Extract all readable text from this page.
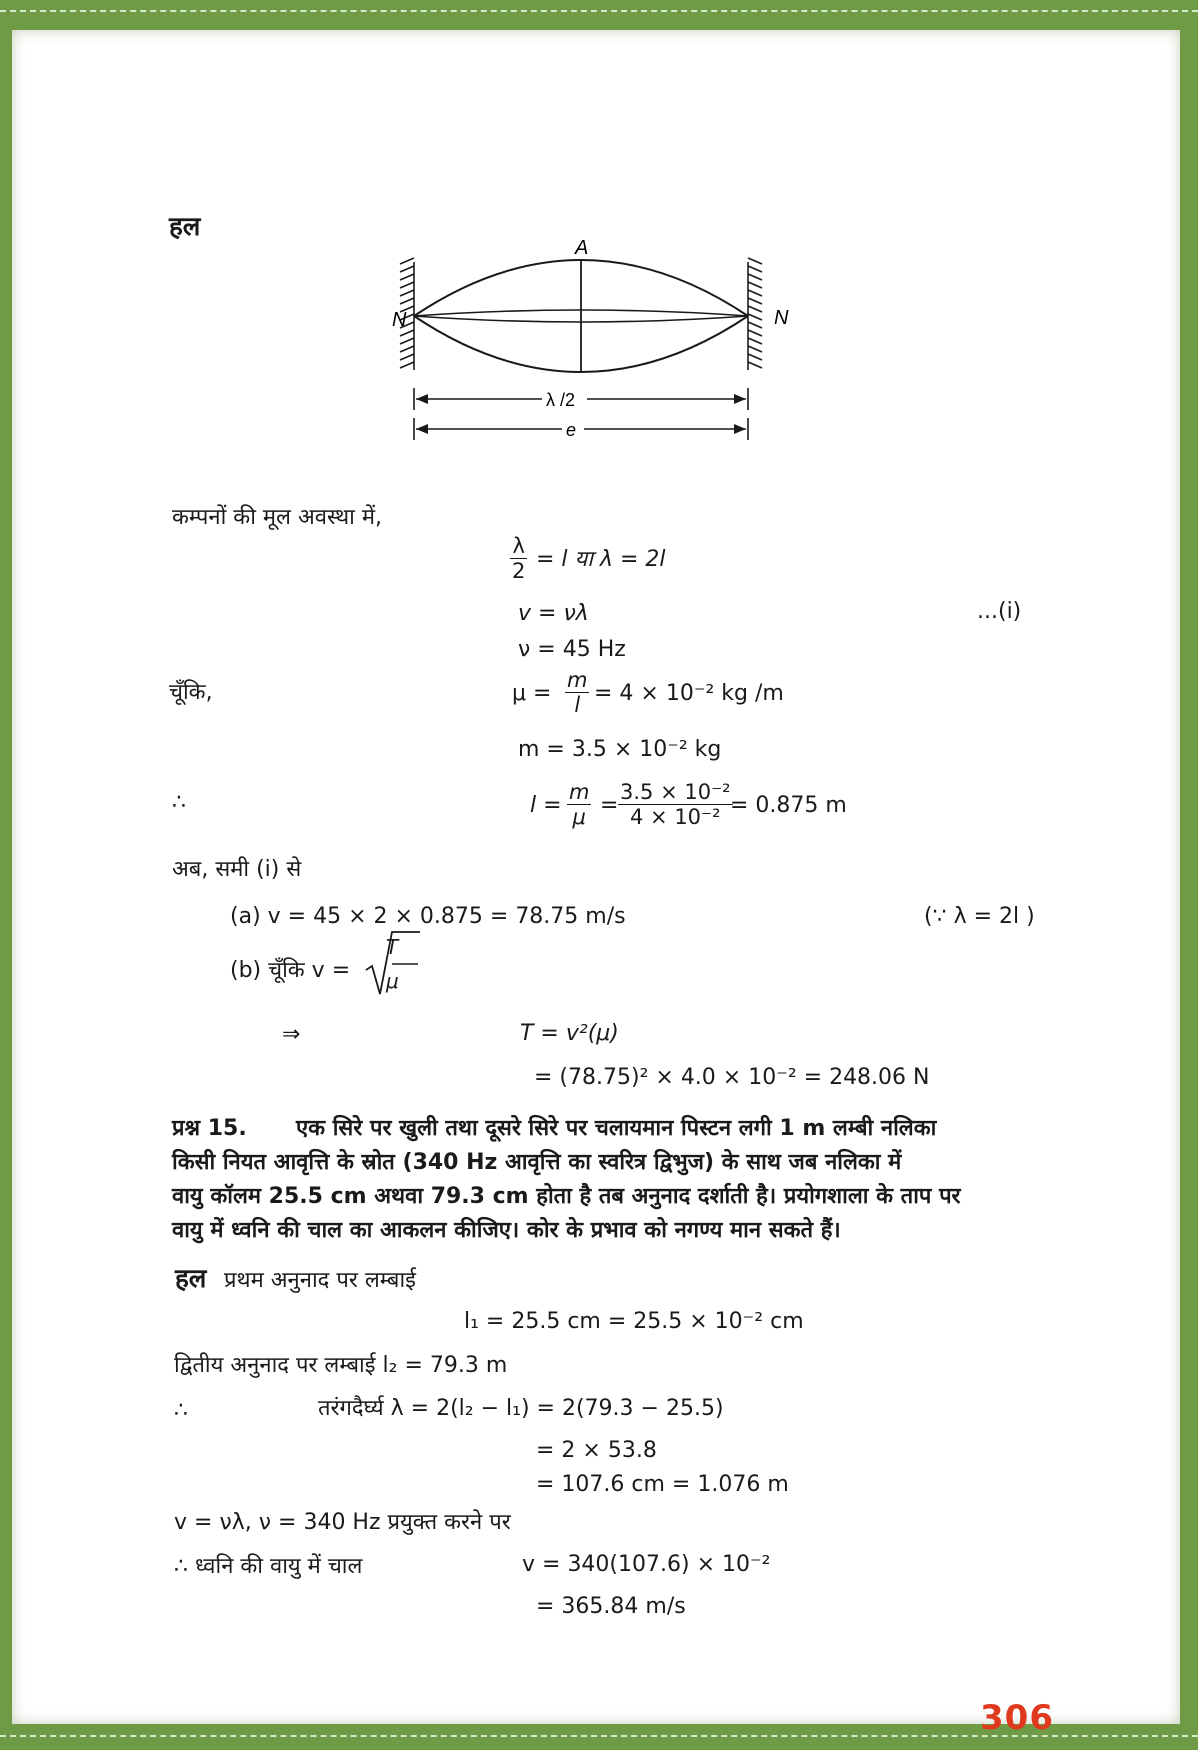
हल
A
N	N
λ /2
e
कम्पनों की मूल अवस्था में,
$\frac{\lambda}{2} = l$ या λ = 2l
v = νλ	...(i)
ν = 45 Hz
चूँकि,	$\mu = \frac{m}{l} = 4 \times 10^{-2}$ kg /m
m = 3.5 × 10⁻² kg
∴	$l = \frac{m}{\mu} = \frac{\text{3.5 × 10⁻²}}{\text{4 × 10⁻²}}$
= 0.875 m
अब, समी (i) से
(a) v = 45 × 2 × 0.875 = 78.75 m/s	(∵ λ = 2l )
(b) चूँकि v =
T
μ
⇒	T = v²(μ)
= (78.75)² × 4.0 × 10⁻² = 248.06 N
प्रश्न 15. एक सिरे पर खुली तथा दूसरे सिरे पर चलायमान पिस्टन लगी 1 m लम्बी नलिका
किसी नियत आवृत्ति के स्रोत (340 Hz आवृत्ति का स्वरित्र द्विभुज) के साथ जब नलिका में
वायु कॉलम 25.5 cm अथवा 79.3 cm होता है तब अनुनाद दर्शाती है। प्रयोगशाला के ताप पर
वायु में ध्वनि की चाल का आकलन कीजिए। कोर के प्रभाव को नगण्य मान सकते हैं।
हल प्रथम अनुनाद पर लम्बाई
l₁ = 25.5 cm = 25.5 × 10⁻² cm
द्वितीय अनुनाद पर लम्बाई l₂ = 79.3 m
∴	तरंगदैर्घ्य λ = 2(l₂ − l₁) = 2(79.3 − 25.5)
= 2 × 53.8
= 107.6 cm = 1.076 m
v = νλ, ν = 340 Hz प्रयुक्त करने पर
∴ ध्वनि की वायु में चाल	v = 340(107.6) × 10⁻²
= 365.84 m/s
306
